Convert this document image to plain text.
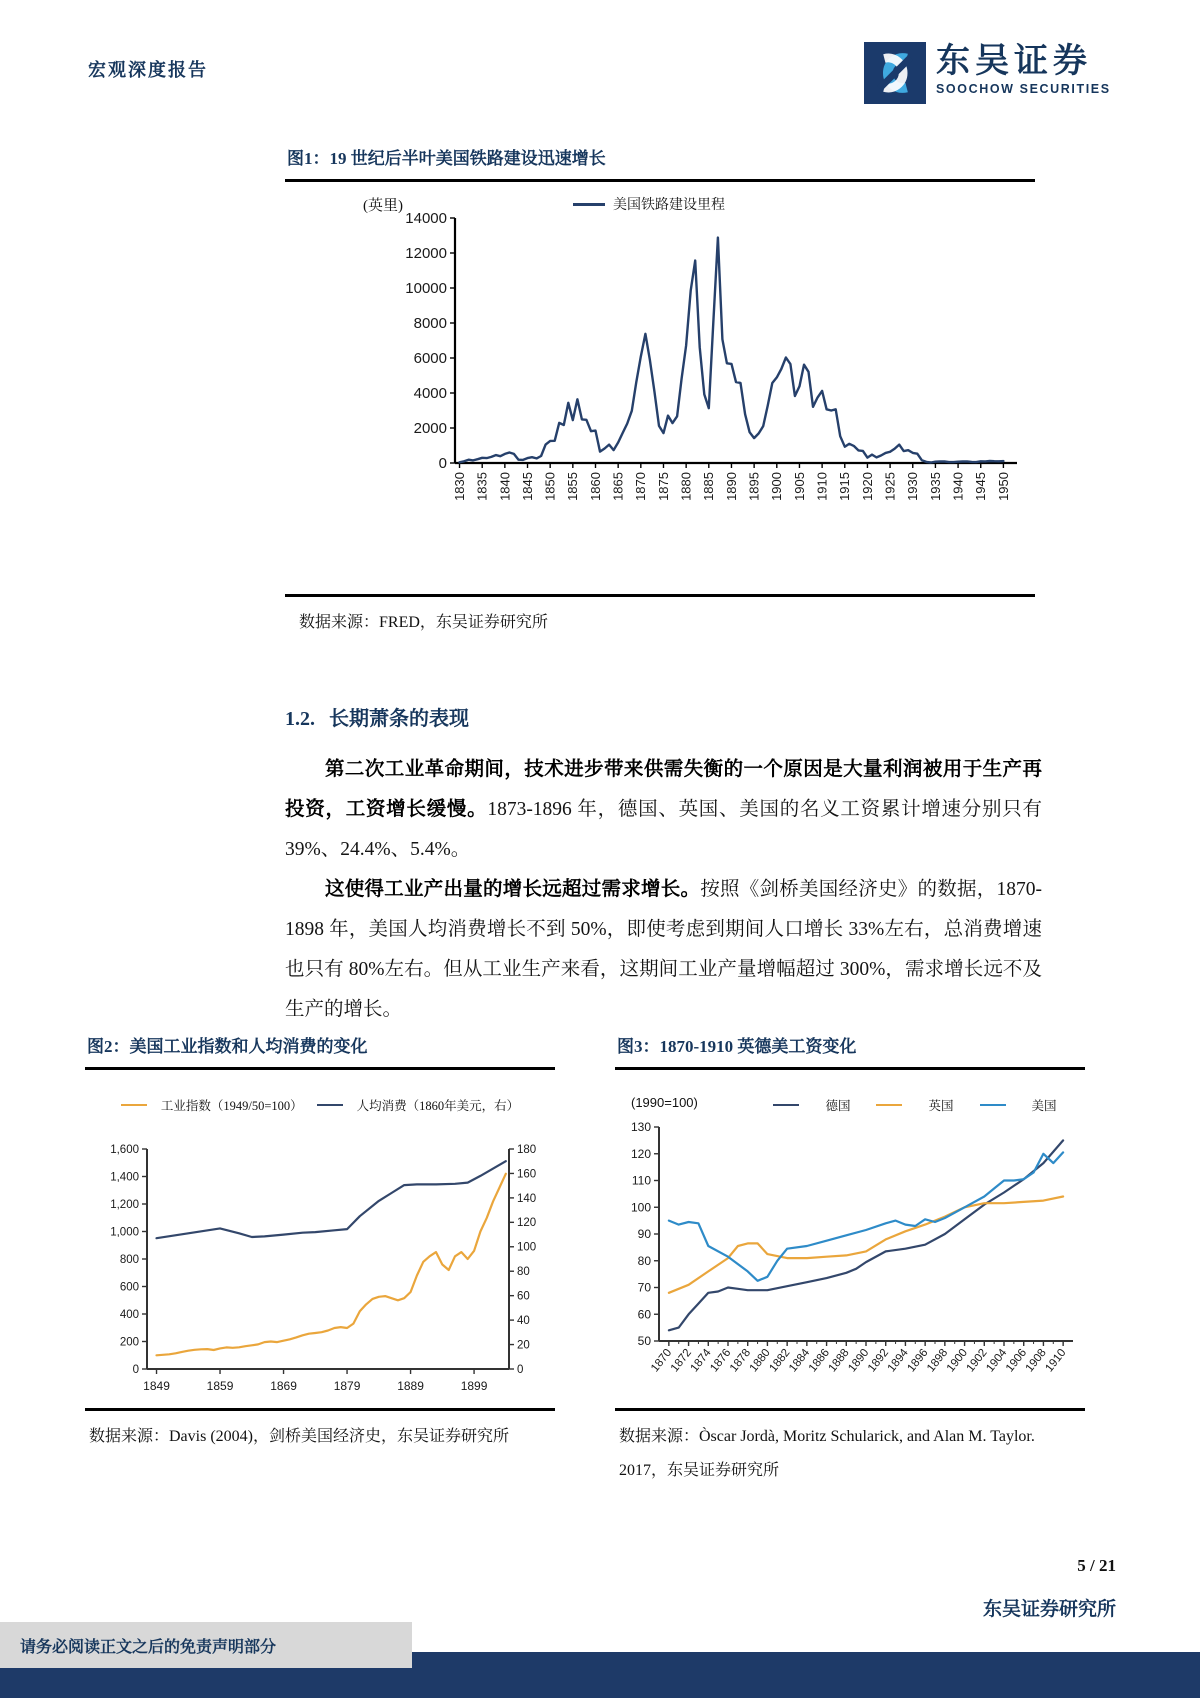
宏观深度报告	东吴证券
SOOCHOW SECURITIES
图1：19 世纪后半叶美国铁路建设迅速增长
(英里)	美国铁路建设里程
0
2000
4000
6000
8000
10000
12000
14000
1830 1835 1840 1845 1850 1855 1860 1865 1870 1875 1880 1885 1890 1895 1900 1905 1910 1915 1920 1925 1930 1935 1940 1945 1950
数据来源：FRED，东吴证券研究所
1.2. 长期萧条的表现

第二次工业革命期间，技术进步带来供需失衡的一个原因是大量利润被用于生产再投资，工资增长缓慢。1873-1896 年，德国、英国、美国的名义工资累计增速分别只有 39%、24.4%、5.4%。

这使得工业产出量的增长远超过需求增长。按照《剑桥美国经济史》的数据，1870-1898 年，美国人均消费增长不到 50%，即使考虑到期间人口增长 33%左右，总消费增速也只有 80%左右。但从工业生产来看，这期间工业产量增幅超过 300%，需求增长远不及生产的增长。

图2：美国工业指数和人均消费的变化
工业指数（1949/50=100）	人均消费（1860年美元，右）
0
200
400
600
800
1,000
1,200
1,400
1,600
0
20
40
60
80
100
120
140
160
180
1849	1859	1869	1879	1889	1899
数据来源：Davis (2004)，剑桥美国经济史，东吴证券研究所
图3：1870-1910 英德美工资变化
(1990=100)	德国	英国	美国
50
60
70
80
90
100
110
120
130
1870
1872
1874
1876
1878
1880
1882
1884
1886
1888
1890
1892
1894
1896
1898
1900
1902
1904
1906
1908
1910
数据来源：Òscar Jordà, Moritz Schularick, and Alan M. Taylor. 2017，东吴证券研究所
5 / 21
东吴证券研究所
请务必阅读正文之后的免责声明部分
